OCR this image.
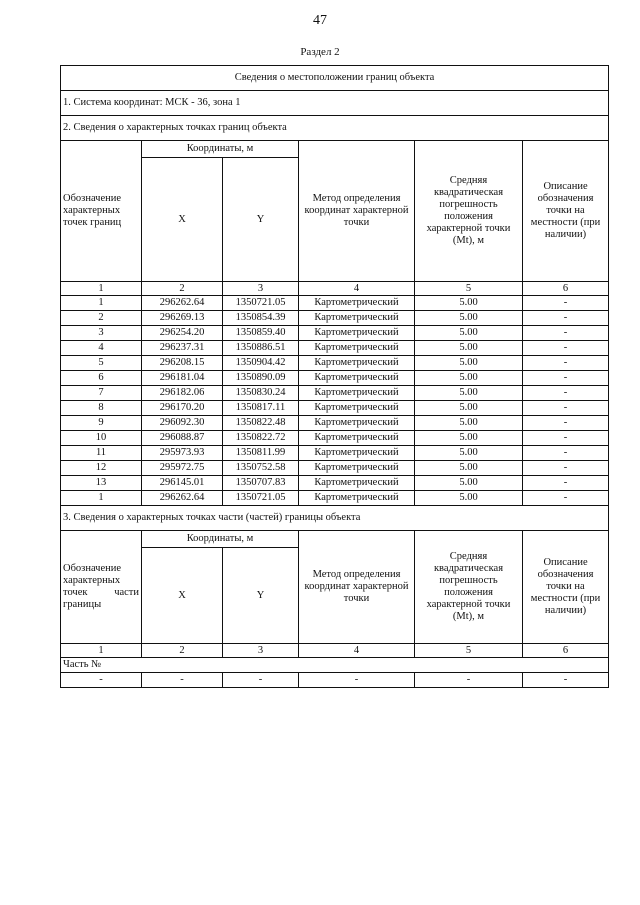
47
Раздел 2
Сведения о местоположении границ объекта					
1. Система координат: МСК - 36, зона 1					
2. Сведения о характерных точках границ объекта					
Обозначение характерных точек границ	Координаты, м		Метод определения координат характерной точки	Средняя квадратическая погрешность положения характерной точки (Mt), м	Описание обозначения точки на местности (при наличии)
	X	Y			
1	2	3	4	5	6
1	296262.64	1350721.05	Картометрический	5.00	-
2	296269.13	1350854.39	Картометрический	5.00	-
3	296254.20	1350859.40	Картометрический	5.00	-
4	296237.31	1350886.51	Картометрический	5.00	-
5	296208.15	1350904.42	Картометрический	5.00	-
6	296181.04	1350890.09	Картометрический	5.00	-
7	296182.06	1350830.24	Картометрический	5.00	-
8	296170.20	1350817.11	Картометрический	5.00	-
9	296092.30	1350822.48	Картометрический	5.00	-
10	296088.87	1350822.72	Картометрический	5.00	-
11	295973.93	1350811.99	Картометрический	5.00	-
12	295972.75	1350752.58	Картометрический	5.00	-
13	296145.01	1350707.83	Картометрический	5.00	-
1	296262.64	1350721.05	Картометрический	5.00	-
3. Сведения о характерных точках части (частей) границы объекта					
Обозначение характерных точек части границы	Координаты, м		Метод определения координат характерной точки	Средняя квадратическая погрешность положения характерной точки (Mt), м	Описание обозначения точки на местности (при наличии)
	X	Y			
1	2	3	4	5	6
Часть №					
-	-	-	-	-	-
